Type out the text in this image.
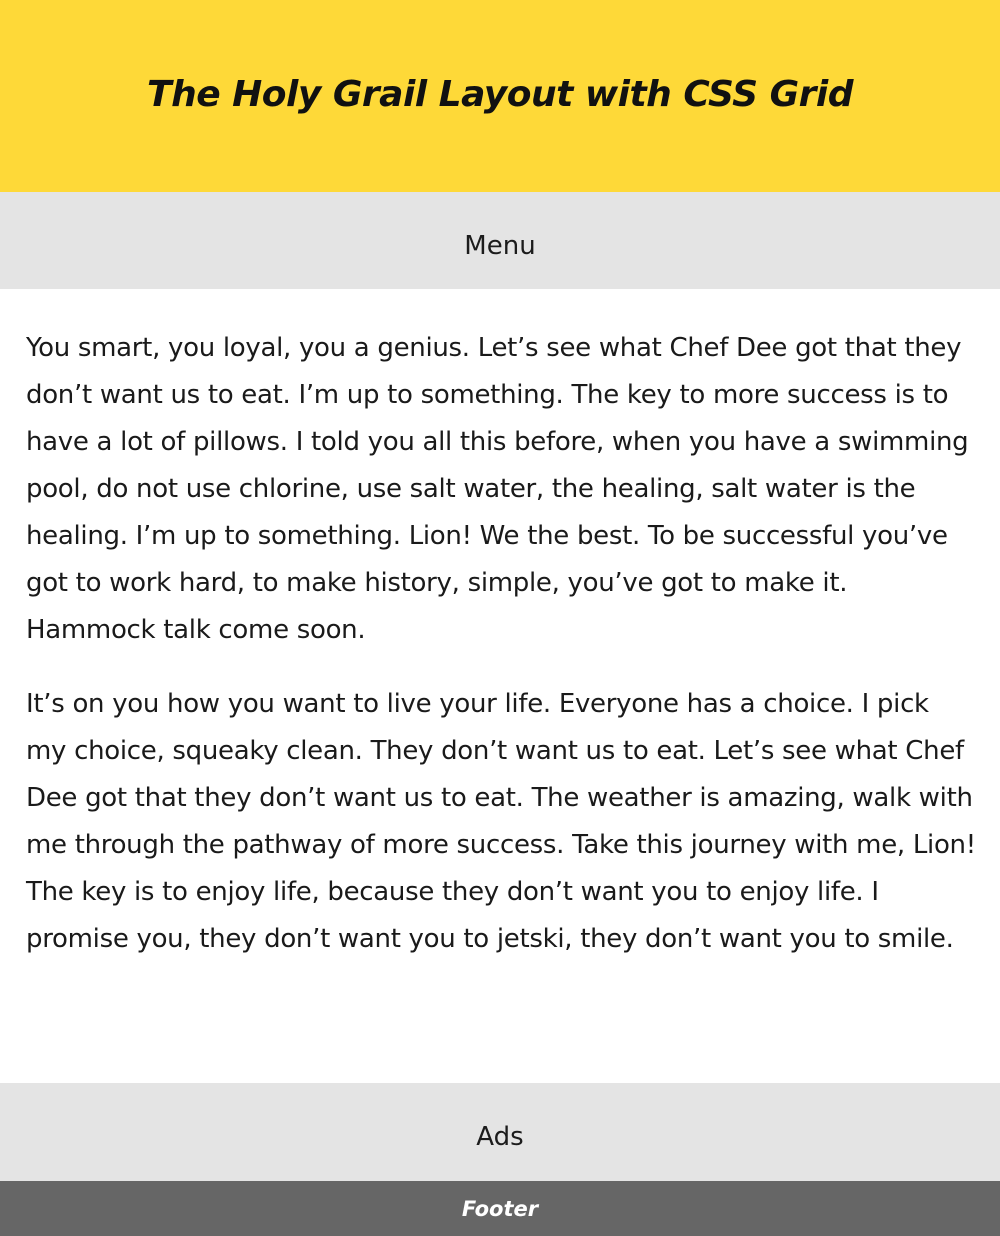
The Holy Grail Layout with CSS Grid
Menu

You smart, you loyal, you a genius. Let’s see what Chef Dee got that they don’t want us to eat. I’m up to something. The key to more success is to have a lot of pillows. I told you all this before, when you have a swimming pool, do not use chlorine, use salt water, the healing, salt water is the healing. I’m up to something. Lion! We the best. To be successful you’ve got to work hard, to make history, simple, you’ve got to make it. Hammock talk come soon.

It’s on you how you want to live your life. Everyone has a choice. I pick my choice, squeaky clean. They don’t want us to eat. Let’s see what Chef Dee got that they don’t want us to eat. The weather is amazing, walk with me through the pathway of more success. Take this journey with me, Lion! The key is to enjoy life, because they don’t want you to enjoy life. I promise you, they don’t want you to jetski, they don’t want you to smile.

Ads
Footer
